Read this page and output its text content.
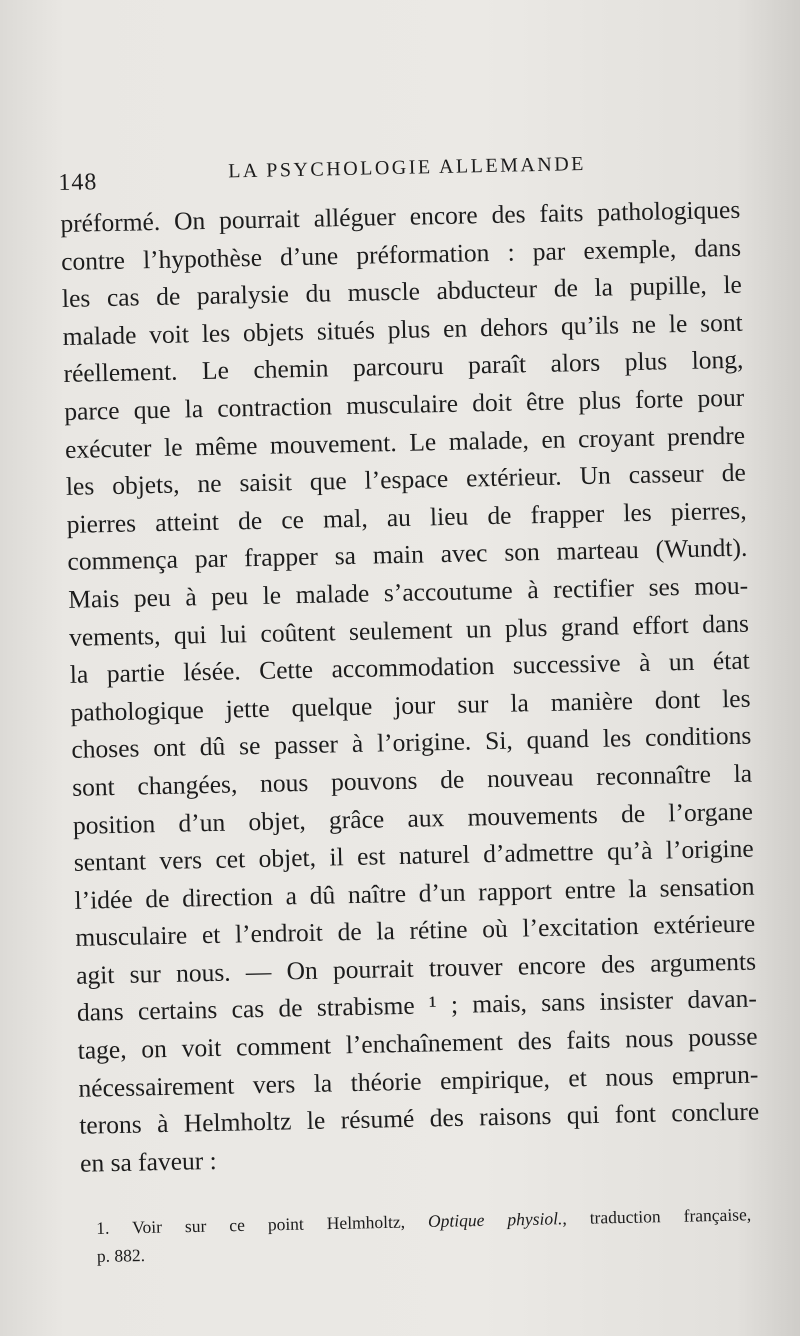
148
LA PSYCHOLOGIE ALLEMANDE
préformé. On pourrait alléguer encore des faits pathologiques
contre l’hypothèse d’une préformation : par exemple, dans
les cas de paralysie du muscle abducteur de la pupille, le
malade voit les objets situés plus en dehors qu’ils ne le sont
réellement. Le chemin parcouru paraît alors plus long,
parce que la contraction musculaire doit être plus forte pour
exécuter le même mouvement. Le malade, en croyant prendre
les objets, ne saisit que l’espace extérieur. Un casseur de
pierres atteint de ce mal, au lieu de frapper les pierres,
commença par frapper sa main avec son marteau (Wundt).
Mais peu à peu le malade s’accoutume à rectifier ses mou-
vements, qui lui coûtent seulement un plus grand effort dans
la partie lésée. Cette accommodation successive à un état
pathologique jette quelque jour sur la manière dont les
choses ont dû se passer à l’origine. Si, quand les conditions
sont changées, nous pouvons de nouveau reconnaître la
position d’un objet, grâce aux mouvements de l’organe
sentant vers cet objet, il est naturel d’admettre qu’à l’origine
l’idée de direction a dû naître d’un rapport entre la sensation
musculaire et l’endroit de la rétine où l’excitation extérieure
agit sur nous. — On pourrait trouver encore des arguments
dans certains cas de strabisme ¹ ; mais, sans insister davan-
tage, on voit comment l’enchaînement des faits nous pousse
nécessairement vers la théorie empirique, et nous emprun-
terons à Helmholtz le résumé des raisons qui font conclure
en sa faveur :
1. Voir sur ce point Helmholtz, Optique physiol., traduction française,
p. 882.
